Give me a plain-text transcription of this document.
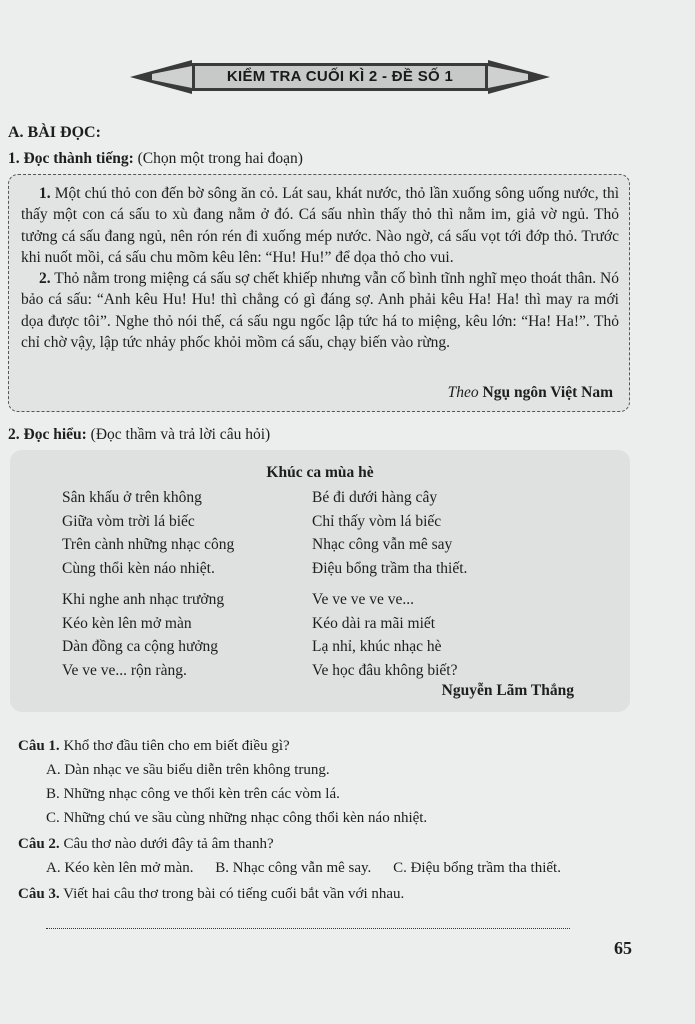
KIỂM TRA CUỐI KÌ 2 - ĐỀ SỐ 1
A. BÀI ĐỌC:
1. Đọc thành tiếng: (Chọn một trong hai đoạn)

1. Một chú thỏ con đến bờ sông ăn cỏ. Lát sau, khát nước, thỏ lần xuống sông uống nước, thì thấy một con cá sấu to xù đang nằm ở đó. Cá sấu nhìn thấy thỏ thì nằm im, giả vờ ngủ. Thỏ tưởng cá sấu đang ngủ, nên rón rén đi xuống mép nước. Nào ngờ, cá sấu vọt tới đớp thỏ. Trước khi nuốt mồi, cá sấu chu mõm kêu lên: “Hu! Hu!” để dọa thỏ cho vui.

2. Thỏ nằm trong miệng cá sấu sợ chết khiếp nhưng vẫn cố bình tĩnh nghĩ mẹo thoát thân. Nó bảo cá sấu: “Anh kêu Hu! Hu! thì chẳng có gì đáng sợ. Anh phải kêu Ha! Ha! thì may ra mới dọa được tôi”. Nghe thỏ nói thế, cá sấu ngu ngốc lập tức há to miệng, kêu lớn: “Ha! Ha!”. Thỏ chỉ chờ vậy, lập tức nhảy phốc khỏi mồm cá sấu, chạy biến vào rừng.

Theo Ngụ ngôn Việt Nam
2. Đọc hiểu: (Đọc thầm và trả lời câu hỏi)
Khúc ca mùa hè
Sân khấu ở trên không
Giữa vòm trời lá biếc
Trên cành những nhạc công
Cùng thổi kèn náo nhiệt.
Bé đi dưới hàng cây
Chỉ thấy vòm lá biếc
Nhạc công vẫn mê say
Điệu bổng trầm tha thiết.
Khi nghe anh nhạc trưởng
Kéo kèn lên mở màn
Dàn đồng ca cộng hưởng
Ve ve ve... rộn ràng.
Ve ve ve ve ve...
Kéo dài ra mãi miết
Lạ nhỉ, khúc nhạc hè
Ve học đâu không biết?
Nguyễn Lãm Thắng
Câu 1. Khổ thơ đầu tiên cho em biết điều gì?
A. Dàn nhạc ve sầu biểu diễn trên không trung.
B. Những nhạc công ve thổi kèn trên các vòm lá.
C. Những chú ve sầu cùng những nhạc công thổi kèn náo nhiệt.
Câu 2. Câu thơ nào dưới đây tả âm thanh?
A. Kéo kèn lên mở màn. B. Nhạc công vẫn mê say. C. Điệu bổng trầm tha thiết.
Câu 3. Viết hai câu thơ trong bài có tiếng cuối bắt vần với nhau.
65
